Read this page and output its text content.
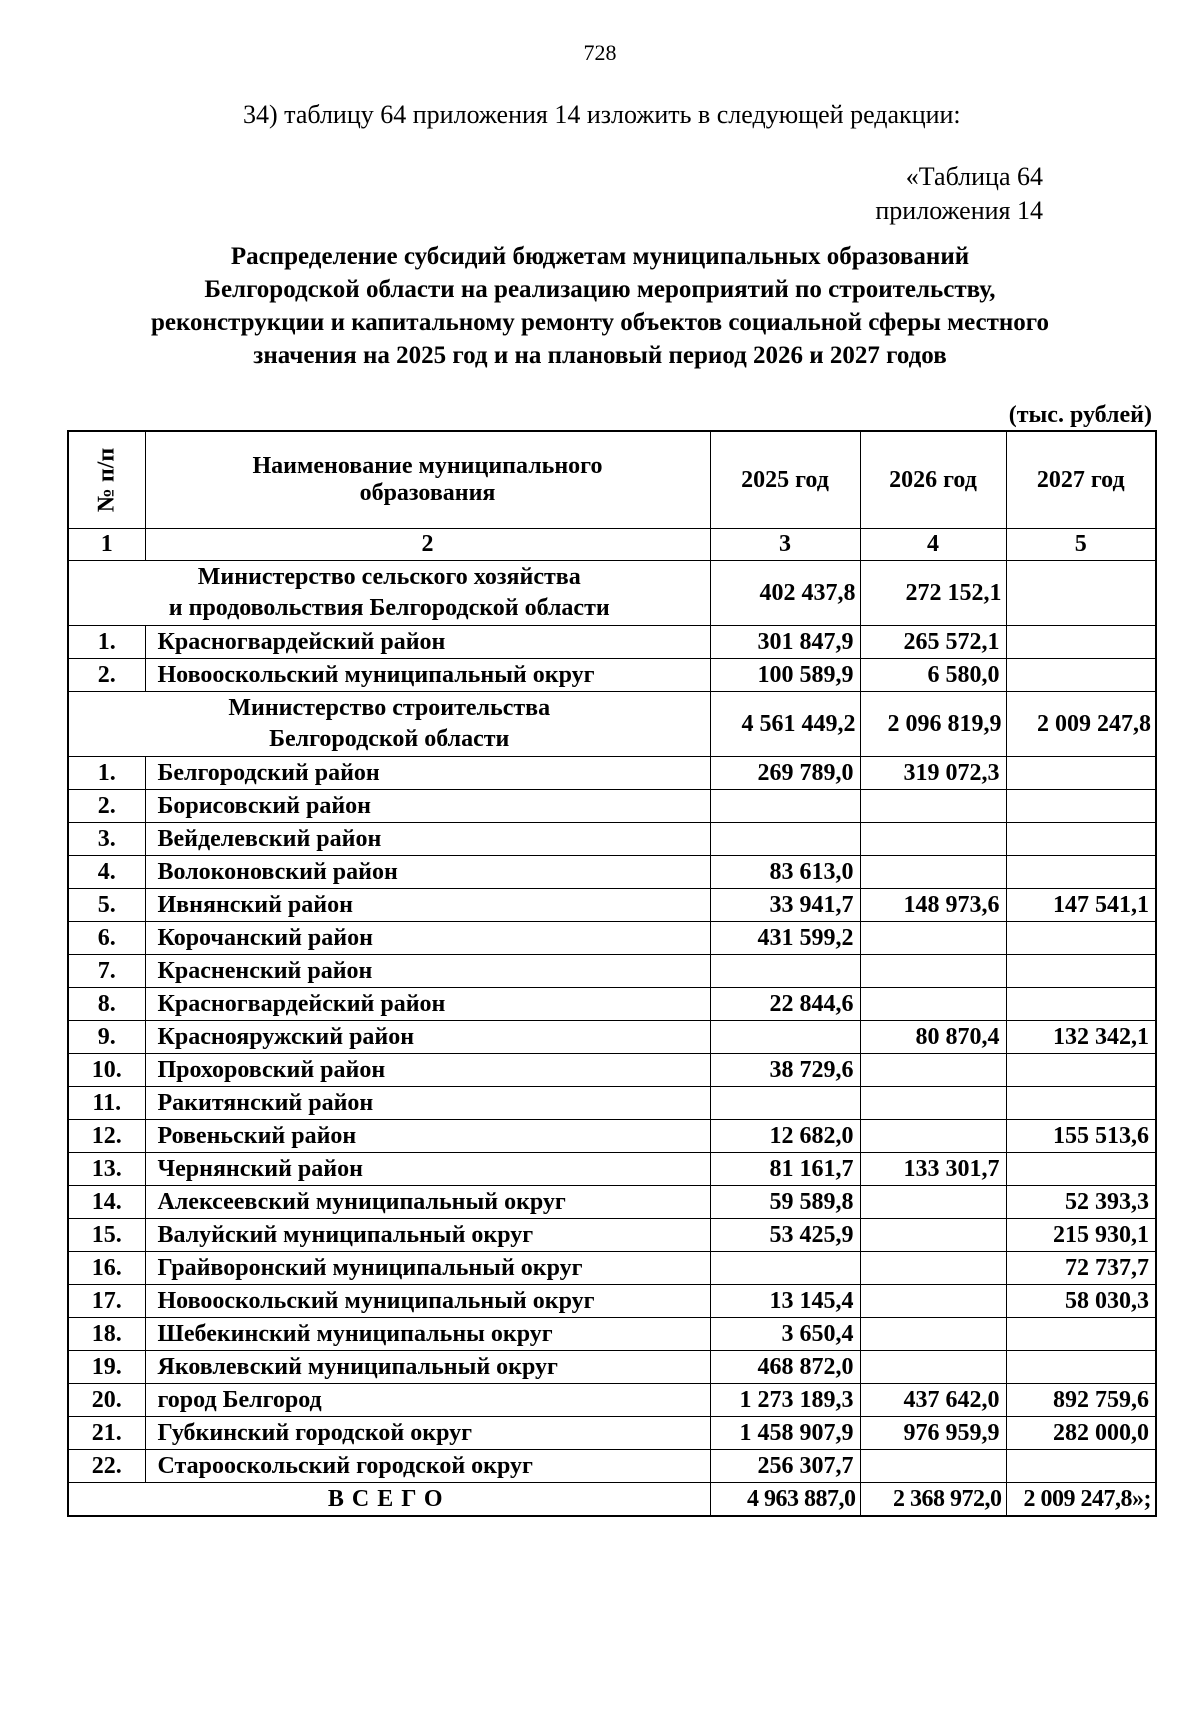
728
34) таблицу 64 приложения 14 изложить в следующей редакции:
«Таблица 64
приложения 14
Распределение субсидий бюджетам муниципальных образований
Белгородской области на реализацию мероприятий по строительству,
реконструкции и капитальному ремонту объектов социальной сферы местного
значения на 2025 год и на плановый период 2026 и 2027 годов
(тыс. рублей)
№ п/п	Наименование муниципального
образования	2025 год	2026 год	2027 год
1	2	3	4	5

Министерство сельского хозяйства
и продовольствия Белгородской области		402 437,8	272 152,1	
1.	Красногвардейский район	301 847,9	265 572,1	
2.	Новооскольский муниципальный округ	100 589,9	6 580,0	

Министерство строительства
Белгородской области		4 561 449,2	2 096 819,9	2 009 247,8
1.	Белгородский район	269 789,0	319 072,3	
2.	Борисовский район			
3.	Вейделевский район			
4.	Волоконовский район	83 613,0		
5.	Ивнянский район	33 941,7	148 973,6	147 541,1
6.	Корочанский район	431 599,2		
7.	Красненский район			
8.	Красногвардейский район	22 844,6		
9.	Краснояружский район		80 870,4	132 342,1
10.	Прохоровский район	38 729,6		
11.	Ракитянский район			
12.	Ровеньский район	12 682,0		155 513,6
13.	Чернянский район	81 161,7	133 301,7	
14.	Алексеевский муниципальный округ	59 589,8		52 393,3
15.	Валуйский муниципальный округ	53 425,9		215 930,1
16.	Грайворонский муниципальный округ			72 737,7
17.	Новооскольский муниципальный округ	13 145,4		58 030,3
18.	Шебекинский муниципальны округ	3 650,4		
19.	Яковлевский муниципальный округ	468 872,0		
20.	город Белгород	1 273 189,3	437 642,0	892 759,6
21.	Губкинский городской округ	1 458 907,9	976 959,9	282 000,0
22.	Старооскольский городской округ	256 307,7		
ВСЕГО		4 963 887,0	2 368 972,0	2 009 247,8»;
